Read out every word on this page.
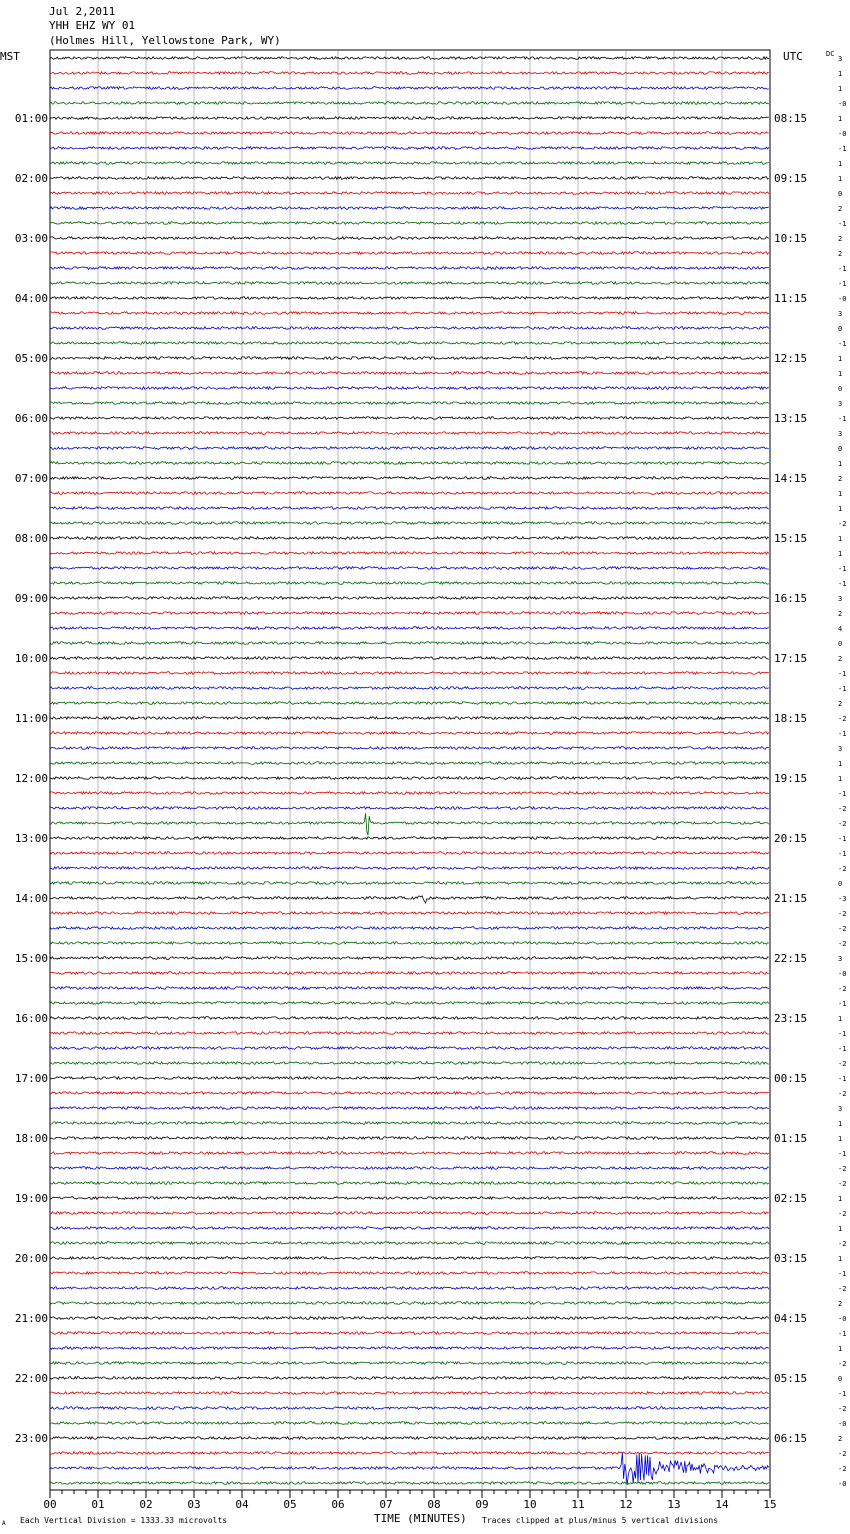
Jul 2,2011
YHH EHZ WY 01
(Holmes Hill, Yellowstone Park, WY)
MST	UTC	DC
TIME (MINUTES)
A Each Vertical Division = 1333.33 microvolts	Traces clipped at plus/minus 5 vertical divisions
3
1
1
-0
1
-0
-1
1
1
0
2
-1
2
2
-1
-1
-0
3
0
-1
1
1
0
3
-1
3
0
1
2
1
1
-2
1
1
-1
-1
3
2
4
0
2
-1
-1
2
-2
-1
3
1
1
-1
-2
-2
-1
-1
-2
0
-3
-2
-2
-2
3
-0
-2
-1
1
-1
-1
-2
-1
-2
3
1
1
-1
-2
-2
1
-2
1
-2
1
-1
-2
2
-0
-1
1
-2
0
-1
-2
-0
2
-2
-2
-0
01:00
02:00
03:00
04:00
05:00
06:00
07:00
08:00
09:00
10:00
11:00
12:00
13:00
14:00
15:00
16:00
17:00
18:00
19:00
20:00
21:00
22:00
23:00
08:15
09:15
10:15
11:15
12:15
13:15
14:15
15:15
16:15
17:15
18:15
19:15
20:15
21:15
22:15
23:15
00:15
01:15
02:15
03:15
04:15
05:15
06:15
00	01	02	03	04	05	06	07	08	09	10	11	12	13	14	15
